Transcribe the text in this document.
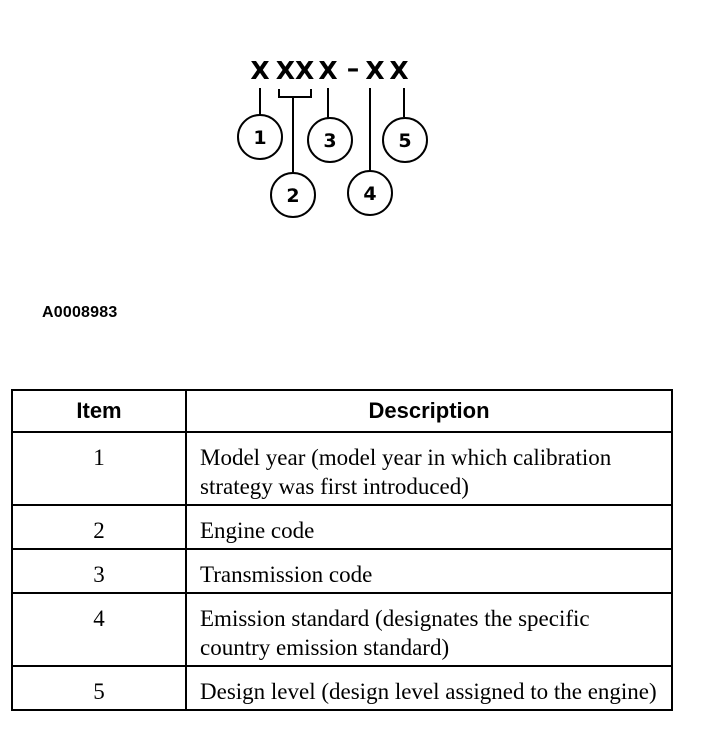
X XX X – X X
1
2
3
4
5
A0008983
Item	Description
1	Model year (model year in which calibration strategy was first introduced)
2	Engine code
3	Transmission code
4	Emission standard (designates the specific country emission standard)
5	Design level (design level assigned to the engine)
